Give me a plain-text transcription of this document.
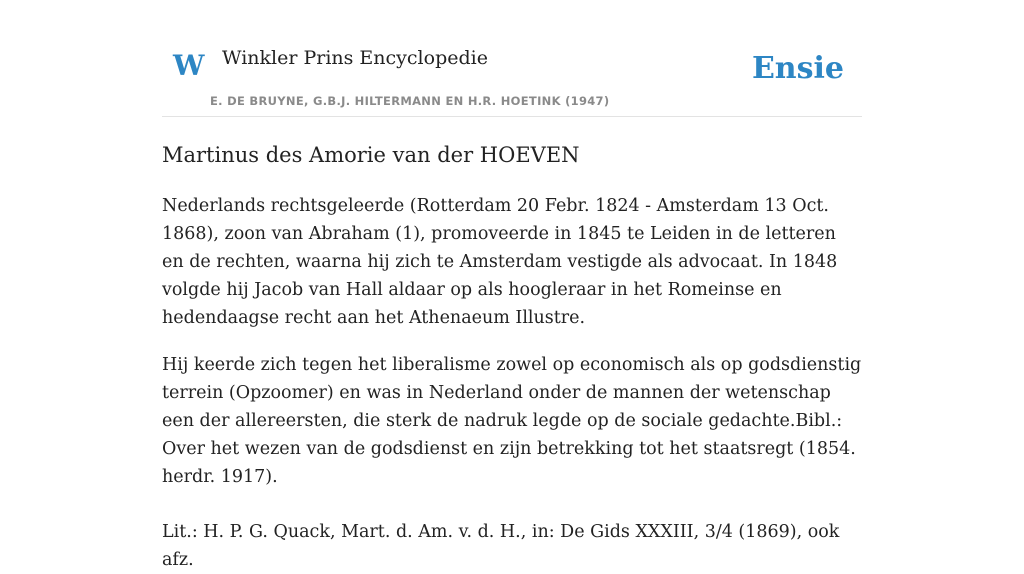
W Winkler Prins Encyclopedie
E. DE BRUYNE, G.B.J. HILTERMANN EN H.R. HOETINK (1947)
Ensie
Martinus des Amorie van der HOEVEN

Nederlands rechtsgeleerde (Rotterdam 20 Febr. 1824 - Amsterdam 13 Oct. 1868), zoon van Abraham (1), promoveerde in 1845 te Leiden in de letteren en de rechten, waarna hij zich te Amsterdam vestigde als advocaat. In 1848 volgde hij Jacob van Hall aldaar op als hoogleraar in het Romeinse en hedendaagse recht aan het Athenaeum Illustre.

Hij keerde zich tegen het liberalisme zowel op economisch als op godsdienstig terrein (Opzoomer) en was in Nederland onder de mannen der wetenschap een der allereersten, die sterk de nadruk legde op de sociale gedachte.Bibl.: Over het wezen van de godsdienst en zijn betrekking tot het staatsregt (1854. herdr. 1917).

Lit.: H. P. G. Quack, Mart. d. Am. v. d. H., in: De Gids XXXIII, 3/4 (1869), ook afz.
